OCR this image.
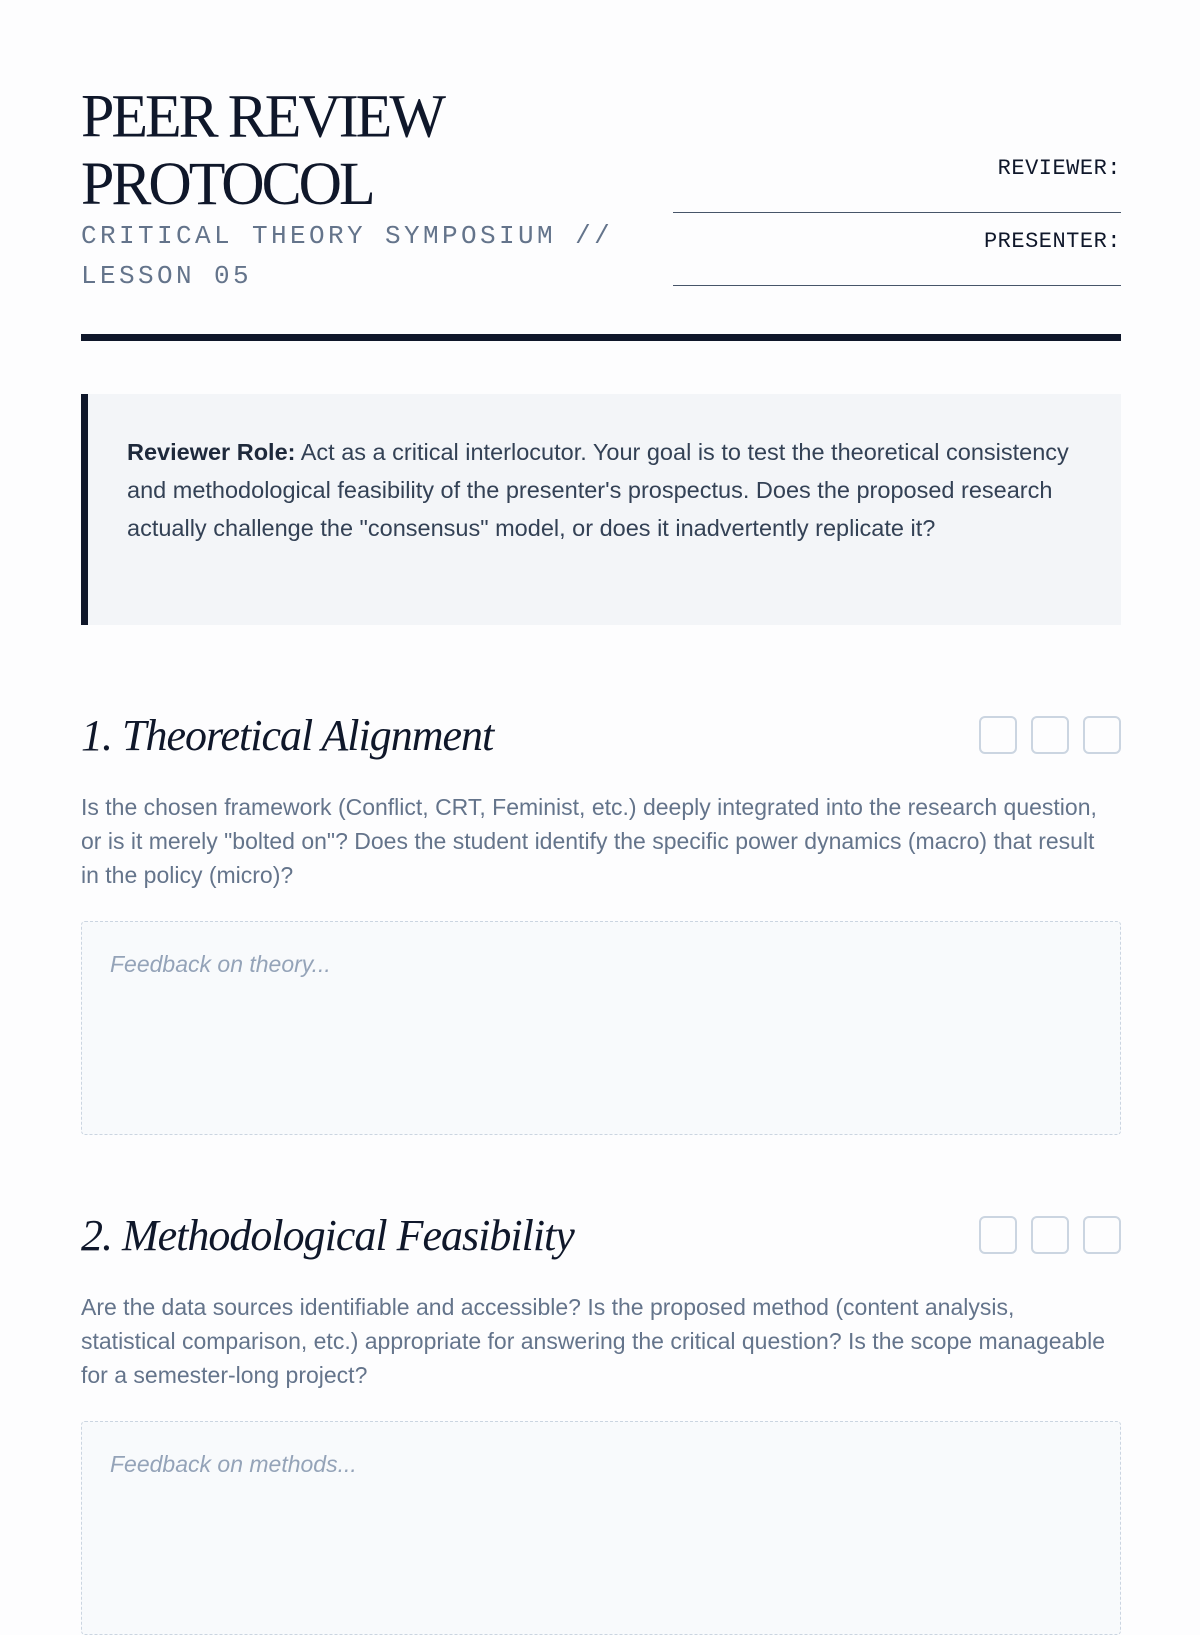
PEER REVIEW
PROTOCOL
CRITICAL THEORY SYMPOSIUM // LESSON 05
REVIEWER:
PRESENTER:
Reviewer Role: Act as a critical interlocutor. Your goal is to test the theoretical consistency and methodological feasibility of the presenter's prospectus. Does the proposed research actually challenge the "consensus" model, or does it inadvertently replicate it?
1. Theoretical Alignment
Is the chosen framework (Conflict, CRT, Feminist, etc.) deeply integrated into the research question, or is it merely "bolted on"? Does the student identify the specific power dynamics (macro) that result in the policy (micro)?
Feedback on theory...
2. Methodological Feasibility
Are the data sources identifiable and accessible? Is the proposed method (content analysis, statistical comparison, etc.) appropriate for answering the critical question? Is the scope manageable for a semester-long project?
Feedback on methods...
